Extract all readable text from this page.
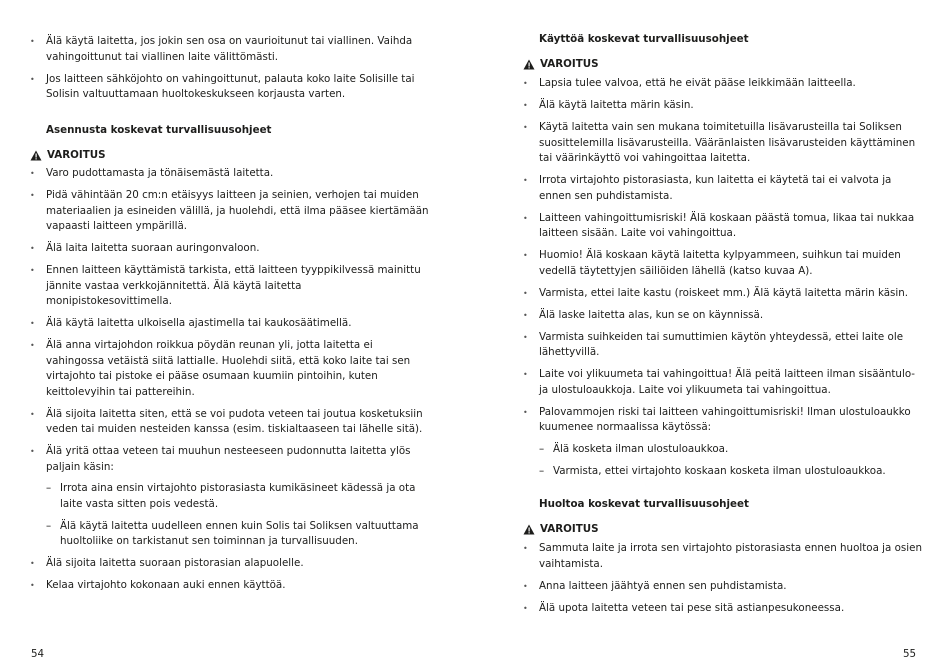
• Älä käytä laitetta, jos jokin sen osa on vaurioitunut tai viallinen. Vaihda vahingoittunut tai viallinen laite välittömästi.
• Jos laitteen sähköjohto on vahingoittunut, palauta koko laite Solisille tai Solisin valtuuttamaan huoltokeskukseen korjausta varten.
Asennusta koskevat turvallisuusohjeet
VAROITUS
• Varo pudottamasta ja tönäisemästä laitetta.
• Pidä vähintään 20 cm:n etäisyys laitteen ja seinien, verhojen tai muiden materiaalien ja esineiden välillä, ja huolehdi, että ilma pääsee kiertämään vapaasti laitteen ympärillä.
• Älä laita laitetta suoraan auringonvaloon.
• Ennen laitteen käyttämistä tarkista, että laitteen tyyppikilvessä mainittu jännite vastaa verkkojännitettä. Älä käytä laitetta monipistokesovittimella.
• Älä käytä laitetta ulkoisella ajastimella tai kaukosäätimellä.
• Älä anna virtajohdon roikkua pöydän reunan yli, jotta laitetta ei vahingossa vetäistä siitä lattialle. Huolehdi siitä, että koko laite tai sen virtajohto tai pistoke ei pääse osumaan kuumiin pintoihin, kuten keittolevyihin tai pattereihin.
• Älä sijoita laitetta siten, että se voi pudota veteen tai joutua kosketuksiin veden tai muiden nesteiden kanssa (esim. tiskialtaaseen tai lähelle sitä).
• Älä yritä ottaa veteen tai muuhun nesteeseen pudonnutta laitetta ylös paljain käsin:
– Irrota aina ensin virtajohto pistorasiasta kumikäsineet kädessä ja ota laite vasta sitten pois vedestä.
– Älä käytä laitetta uudelleen ennen kuin Solis tai Soliksen valtuuttama huoltoliike on tarkistanut sen toiminnan ja turvallisuuden.
• Älä sijoita laitetta suoraan pistorasian alapuolelle.
• Kelaa virtajohto kokonaan auki ennen käyttöä.
54
Käyttöä koskevat turvallisuusohjeet
VAROITUS
• Lapsia tulee valvoa, että he eivät pääse leikkimään laitteella.
• Älä käytä laitetta märin käsin.
• Käytä laitetta vain sen mukana toimitetuilla lisävarusteilla tai Soliksen suosittelemilla lisävarusteilla. Vääränlaisten lisävarusteiden käyttäminen tai väärinkäyttö voi vahingoittaa laitetta.
• Irrota virtajohto pistorasiasta, kun laitetta ei käytetä tai ei valvota ja ennen sen puhdistamista.
• Laitteen vahingoittumisriski! Älä koskaan päästä tomua, likaa tai nukkaa laitteen sisään. Laite voi vahingoittua.
• Huomio! Älä koskaan käytä laitetta kylpyammeen, suihkun tai muiden vedellä täytettyjen säiliöiden lähellä (katso kuvaa A).
• Varmista, ettei laite kastu (roiskeet mm.) Älä käytä laitetta märin käsin.
• Älä laske laitetta alas, kun se on käynnissä.
• Varmista suihkeiden tai sumuttimien käytön yhteydessä, ettei laite ole lähettyvillä.
• Laite voi ylikuumeta tai vahingoittua! Älä peitä laitteen ilman sisääntulo- ja ulostuloaukkoja. Laite voi ylikuumeta tai vahingoittua.
• Palovammojen riski tai laitteen vahingoittumisriski! Ilman ulostuloaukko kuumenee normaalissa käytössä:
– Älä kosketa ilman ulostuloaukkoa.
– Varmista, ettei virtajohto koskaan kosketa ilman ulostuloaukkoa.
Huoltoa koskevat turvallisuusohjeet
VAROITUS
• Sammuta laite ja irrota sen virtajohto pistorasiasta ennen huoltoa ja osien vaihtamista.
• Anna laitteen jäähtyä ennen sen puhdistamista.
• Älä upota laitetta veteen tai pese sitä astianpesukoneessa.
55
